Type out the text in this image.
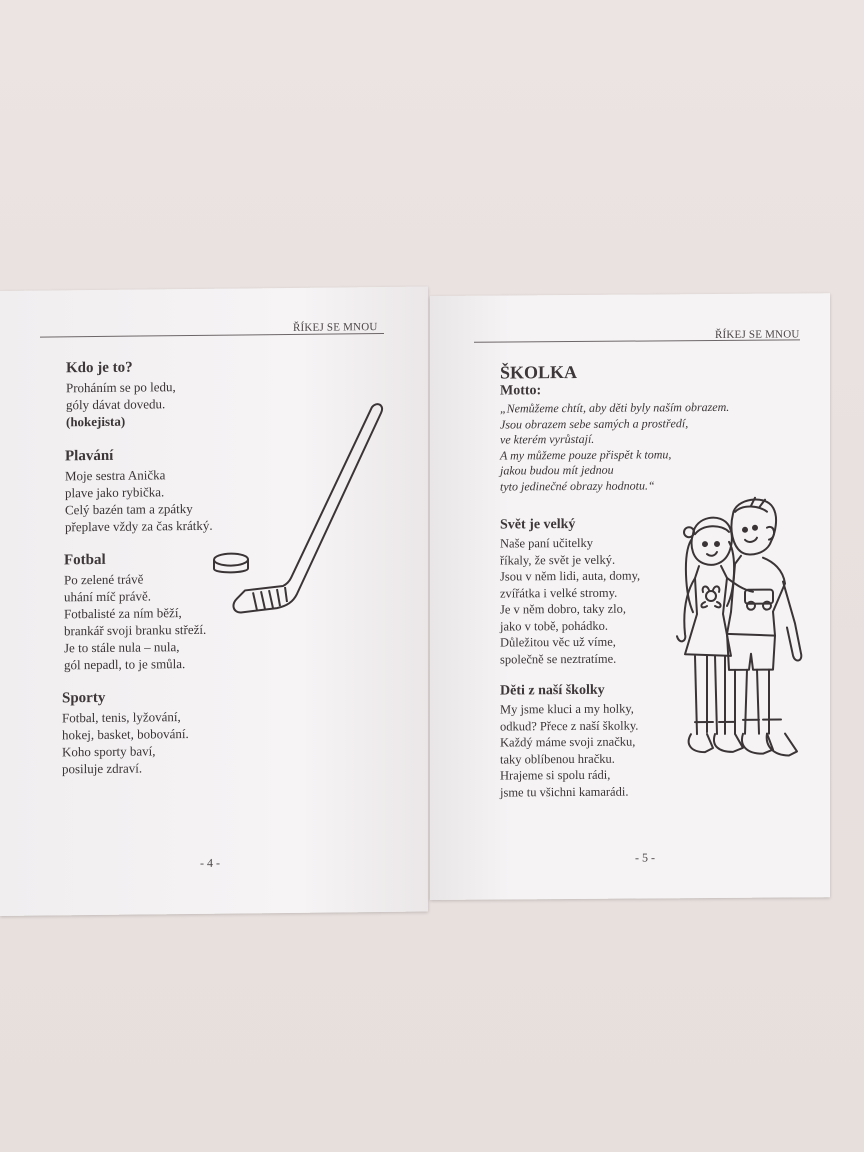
ŘÍKEJ SE MNOU
Kdo je to?
Proháním se po ledu,
góly dávat dovedu.
(hokejista)
Plavání
Moje sestra Anička
plave jako rybička.
Celý bazén tam a zpátky
přeplave vždy za čas krátký.
Fotbal
Po zelené trávě
uhání míč právě.
Fotbalisté za ním běží,
brankář svoji branku střeží.
Je to stále nula – nula,
gól nepadl, to je smůla.
Sporty
Fotbal, tenis, lyžování,
hokej, basket, bobování.
Koho sporty baví,
posiluje zdraví.
- 4 -
ŘÍKEJ SE MNOU
ŠKOLKA
Motto:
„Nemůžeme chtít, aby děti byly naším obrazem.
Jsou obrazem sebe samých a prostředí,
ve kterém vyrůstají.
A my můžeme pouze přispět k tomu,
jakou budou mít jednou
tyto jedinečné obrazy hodnotu.“
Svět je velký
Naše paní učitelky
říkaly, že svět je velký.
Jsou v něm lidi, auta, domy,
zvířátka i velké stromy.
Je v něm dobro, taky zlo,
jako v tobě, pohádko.
Důležitou věc už víme,
společně se neztratíme.
Děti z naší školky
My jsme kluci a my holky,
odkud? Přece z naší školky.
Každý máme svoji značku,
taky oblíbenou hračku.
Hrajeme si spolu rádi,
jsme tu všichni kamarádi.
- 5 -
